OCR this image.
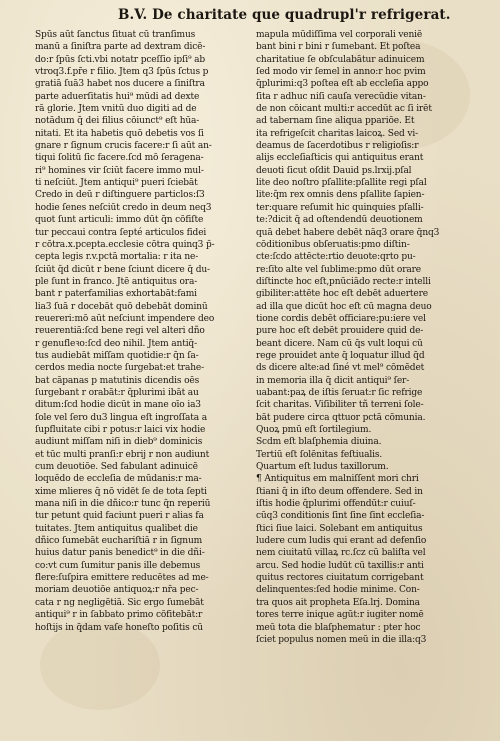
B.V. De charitate que quadrupl'r refrigerat.
Spūs aūt ſanctus ſituat cū tranſimus
manū a ſiniſtra parte ad dextram dicē-
do:r ſpūs ſcti.vbi notatr pceſſio ipſi⁹ ab
vtroq3.f.pr̄e r filio. Jtem q3 ſpūs ſctus p
gratiā ſuā3 habet nos ducere a ſiniſtra
parte aduerſitatis hui⁹ mūdi ad dexte
rā glorie. Jtem vnitū duo digiti ad de
notādum q̄ dei filius cōiunct⁹ eſt hūa-
nitati. Et ita habetis quō debetis vos ſi
gnare r ſignum crucis facere:r ſi aūt an-
tiqui ſolitū ſic facere.ſcd mō ſeragena-
ri⁹ homines vir ſciūt facere immo mul-
ti neſciūt. Jtem antiqui⁹ pueri ſciebāt
Credo in deū r diſtinguere particlos:ſ3
hodie ſenes neſciūt credo in deum neq3
quot ſunt articuli: immo dūt q̄n cōfiſt̄e
tur peccaui contra ſepté articulos fidei
r cōtra.x.pcepta.ecclesie cōtra quinq3 p̄-
cepta legis r.v.pctā mortalia: r ita ne-
ſciūt q̄d dicūt r bene ſciunt dicere q̄ du-
ple ſunt in franco. Jtē antiquitus ora-
bant r paterfamilias exhortabāt:fami
lia3 ſuā r docebāt quō debebāt dominū
reuereri:mō aūt neſciunt impendere deo
reuerentiā:ſcd bene regi vel alteri dño
r genufleꝛo:ſcd deo nihil. Jtem antiq̄-
tus audiebāt miſſam quotidie:r q̄n ſa-
cerdos media nocte ſurgebat:et trahe-
bat cāpanas p matutinis dicendis oēs
ſurgebant r orabāt:r q̄plurimi ibāt au
ditum:ſcd hodie dicūt in mane oīo ia3
ſole vel ſero du3 lingua eſt ingroſſata a
ſupfluitate cibi r potus:r laici vix hodie
audiunt miſſam niſi in dieb⁹ dominicis
et tūc multi pranſi:r ebrij r non audiunt
cum deuotiōe. Sed fabulant adinuicē
loquēdo de eccleſia de mūdanis:r ma-
xime mlieres q̄ nō vidēt ſe de tota ſepti
mana niſi in die dñico:r tunc q̄n reperiū
tur petunt quid faciunt pueri r alias fa
tuitates. Jtem antiquitus qualibet die
dñico ſumebāt euchariſtiā r in ſignum
huius datur panis benedict⁹ in die dñi-
co:vt cum ſumitur panis ille debemus
flere:ſuſpira emittere reducētes ad me-
moriam deuotiōe antiquoꝝ:r nr̄a pec-
cata r ng negligētiā. Sic ergo ſumebāt
antiqui⁹ r in ſabbato primo cōfitebāt:r
hoſtijs in q̄dam vaſe honeſto poſitis cū
mapula mūdiſſima vel corporali veniē
bant bini r bini r ſumebant. Et poſtea
charitatiue ſe obſculabātur adinuicem
ſed modo vir ſemel in anno:r hoc pvim
q̄plurimi:q3 poſtea eſt ab eccleſia appo
ſita r adhuc niſi cauſa verecūdie vitan-
de non cōicant multi:r accedūt ac ſi irēt
ad tabernam ſine aliqua ppariōe. Et
ita refrigeſcit charitas laicoꝝ. Sed vi-
deamus de ſacerdotibus r religioſis:r
alijs eccleſiaſticis qui antiquitus erant
deuoti ſicut oſdit Dauid ps.lrxij.pſal
lite deo noſtro pſallite:pſallite regi pſal
lite:q̄m rex omnis dens pſallite ſapien-
ter:quare reſumit hic quinquies pſalli-
te:?dicit q̄ ad oſtendendū deuotionem
quā debet habere debēt nāq3 orare q̄nq3
cōditionibus obſeruatis:pmo diſtin-
cte:ſcdo attēcte:rtio deuote:qrto pu-
re:ſi̅to alte vel ſublime:pmo dūt orare
diſtincte hoc eſt,pnūciādo recte:r intelli
gibiliter:attēte hoc eſt debēt aduertere
ad illa que dicūt hoc eſt cū magna deuo
tione cordis debēt officiare:pu:iere vel
pure hoc eſt debēt prouidere quid de-
beant dicere. Nam cū q̄s vult loqui cū
rege prouidet ante q̄ loquatur illud q̄d
ds dicere alte:ad ſiné vt mel⁹ cōmēdet
in memoria illa q̄ dicit antiqui⁹ ſer-
uabant:paꝝ de iſtis ſeruat:r ſic refrige
ſcit charitas. Viſibiliter tñ terreni ſole-
bāt pudere circa qttuor pctā cōmunia.
Quoꝝ pmū eſt ſortilegium.
Scd̄m eſt blaſphemia diuina.
Tertiū eſt ſolēnitas feſtiualis.
Quartum eſt ludus taxillorum.
¶ Antiquitus em malniſſent mori chri
ſtiani q̄ in iſto deum offendere. Sed in
iſtis hodie q̄plurimi offendūt:r cuiuſ-
cūq3 conditionis ſint ſine ſint eccleſia-
ſtici ſiue laici. Solebant em antiquitus
ludere cum ludis qui erant ad defenſio
nem ciuitatū villaꝝ rc.ſcz cū baliſta vel
arcu. Sed hodie ludūt cū taxillis:r anti
quitus rectores ciuitatum corrigebant
delinquentes:ſed hodie minime. Con-
tra quos ait propheta Eſa.lrj. Domina
tores terre inique agūt:r iugiter nomē
meū tota die blaſphematur : pter hoc
ſciet populus nomen meū in die illa:q3
